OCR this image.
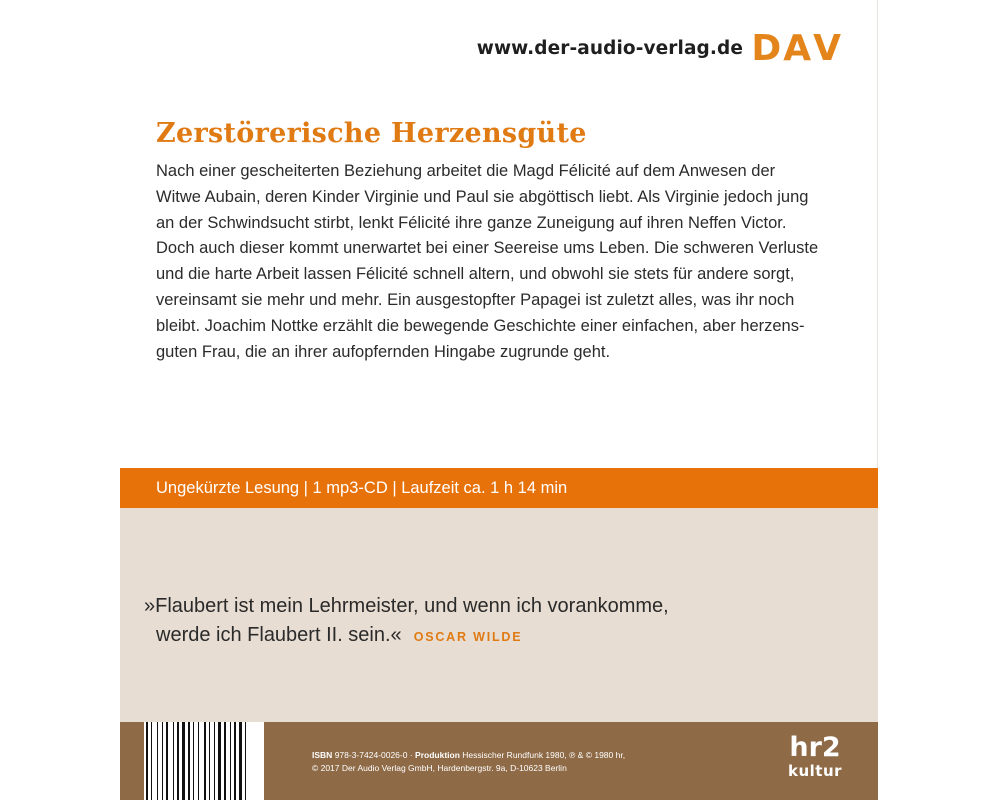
www.der-audio-verlag.de D A V
Zerstörerische Herzensgüte

Nach einer gescheiterten Beziehung arbeitet die Magd Félicité auf dem Anwesen der

Witwe Aubain, deren Kinder Virginie und Paul sie abgöttisch liebt. Als Virginie jedoch jung

an der Schwindsucht stirbt, lenkt Félicité ihre ganze Zuneigung auf ihren Neffen Victor.

Doch auch dieser kommt unerwartet bei einer Seereise ums Leben. Die schweren Verluste

und die harte Arbeit lassen Félicité schnell altern, und obwohl sie stets für andere sorgt,

vereinsamt sie mehr und mehr. Ein ausgestopfter Papagei ist zuletzt alles, was ihr noch

bleibt. Joachim Nottke erzählt die bewegende Geschichte einer einfachen, aber herzens-

guten Frau, die an ihrer aufopfernden Hingabe zugrunde geht.

Ungekürzte Lesung | 1 mp3-CD | Laufzeit ca. 1 h 14 min
»Flaubert ist mein Lehrmeister, und wenn ich vorankomme,
werde ich Flaubert II. sein.« OSCAR WILDE
ISBN 978-3-7424-0026-0 · Produktion Hessischer Rundfunk 1980, ℗ & © 1980 hr,
© 2017 Der Audio Verlag GmbH, Hardenbergstr. 9a, D-10623 Berlin
hr2
kultur
